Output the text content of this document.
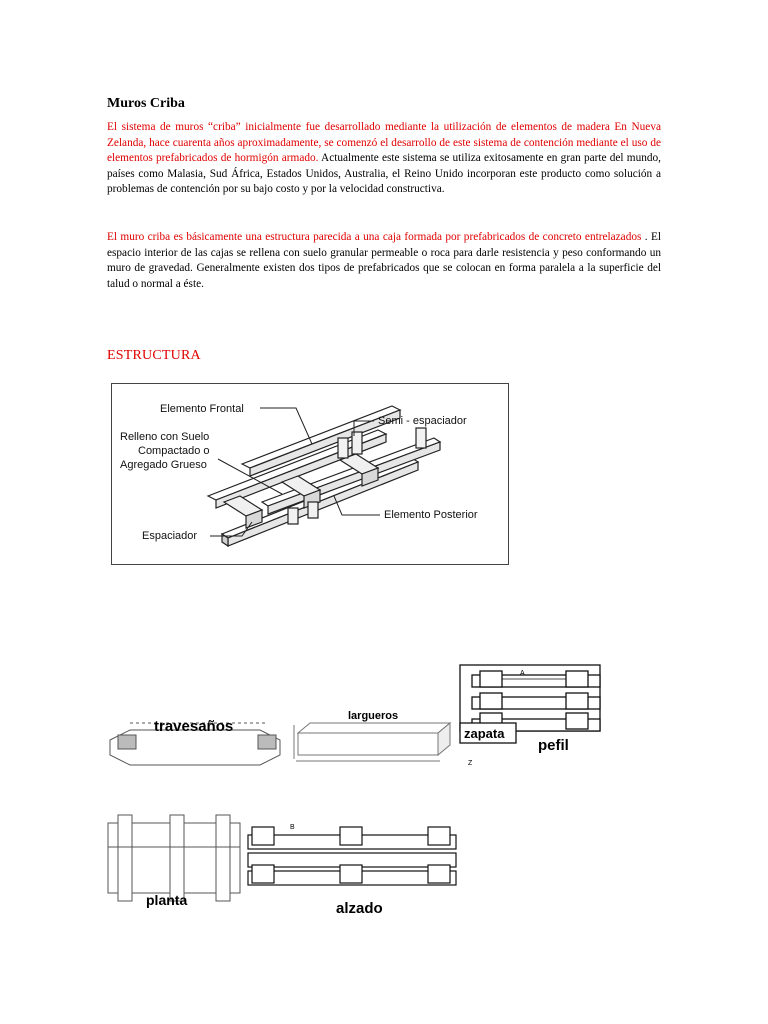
Muros Criba

El sistema de muros “criba” inicialmente fue desarrollado mediante la utilización de elementos de madera En Nueva Zelanda, hace cuarenta años aproximadamente, se comenzó el desarrollo de este sistema de contención mediante el uso de elementos prefabricados de hormigón armado. Actualmente este sistema se utiliza exitosamente en gran parte del mundo, países como Malasia, Sud África, Estados Unidos, Australia, el Reino Unido incorporan este producto como solución a problemas de contención por su bajo costo y por la velocidad constructiva.

El muro criba es básicamente una estructura parecida a una caja formada por prefabricados de concreto entrelazados . El espacio interior de las cajas se rellena con suelo granular permeable o roca para darle resistencia y peso conformando un muro de gravedad. Generalmente existen dos tipos de prefabricados que se colocan en forma paralela a la superficie del talud o normal a éste.

ESTRUCTURA
Elemento Frontal
Semi - espaciador
Relleno con Suelo
Compactado o
Agregado Grueso
Elemento Posterior
Espaciador
travesaños
largueros
A
zapata
pefil
Z
planta
B
alzado
